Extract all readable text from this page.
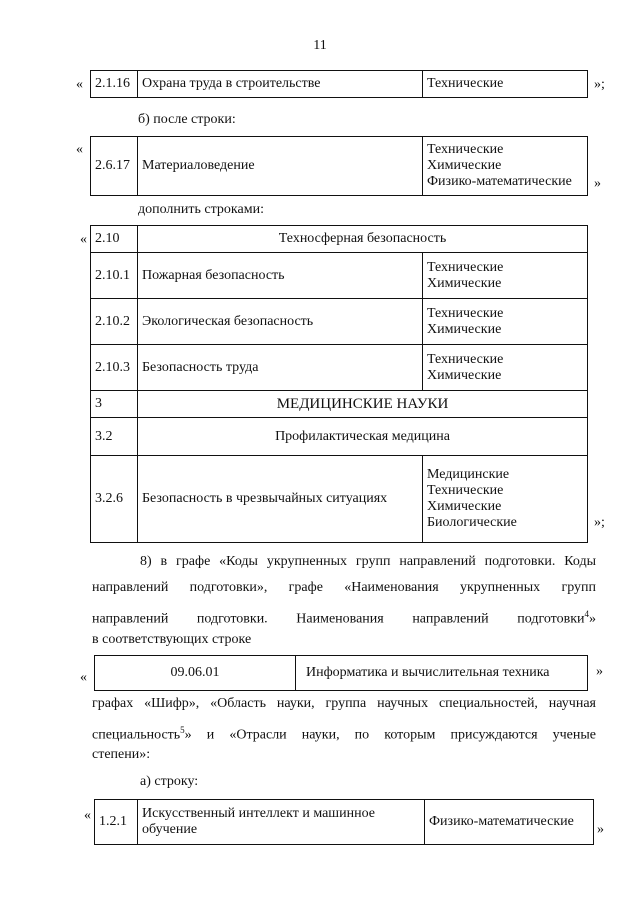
11
« 2.1.16	Охрана труда в строительстве	Технические	»;
б) после строки:
«
2.6.17	Материаловедение	Технические
Химические
Физико-математические »
дополнить строками:
« 2.10	Техносферная безопасность	
2.10.1	Пожарная безопасность	Технические
Химические
2.10.2	Экологическая безопасность	Технические
Химические
2.10.3	Безопасность труда	Технические
Химические
3	МЕДИЦИНСКИЕ НАУКИ	
3.2	Профилактическая медицина	
3.2.6	Безопасность в чрезвычайных ситуациях	Медицинские
Технические
Химические
Биологические	»;
8) в графе «Коды укрупненных групп направлений подготовки. Коды
направлений подготовки», графе «Наименования укрупненных групп
направлений подготовки. Наименования направлений подготовки$^4$»
в соответствующих строке
«	09.06.01	Информатика и вычислительная техника	»
графах «Шифр», «Область науки, группа научных специальностей, научная
специальность$^5$» и «Отрасли науки, по которым присуждаются ученые
степени»:
а) строку:
« 1.2.1	Искусственный интеллект и машинное обучение	Физико-математические
»
